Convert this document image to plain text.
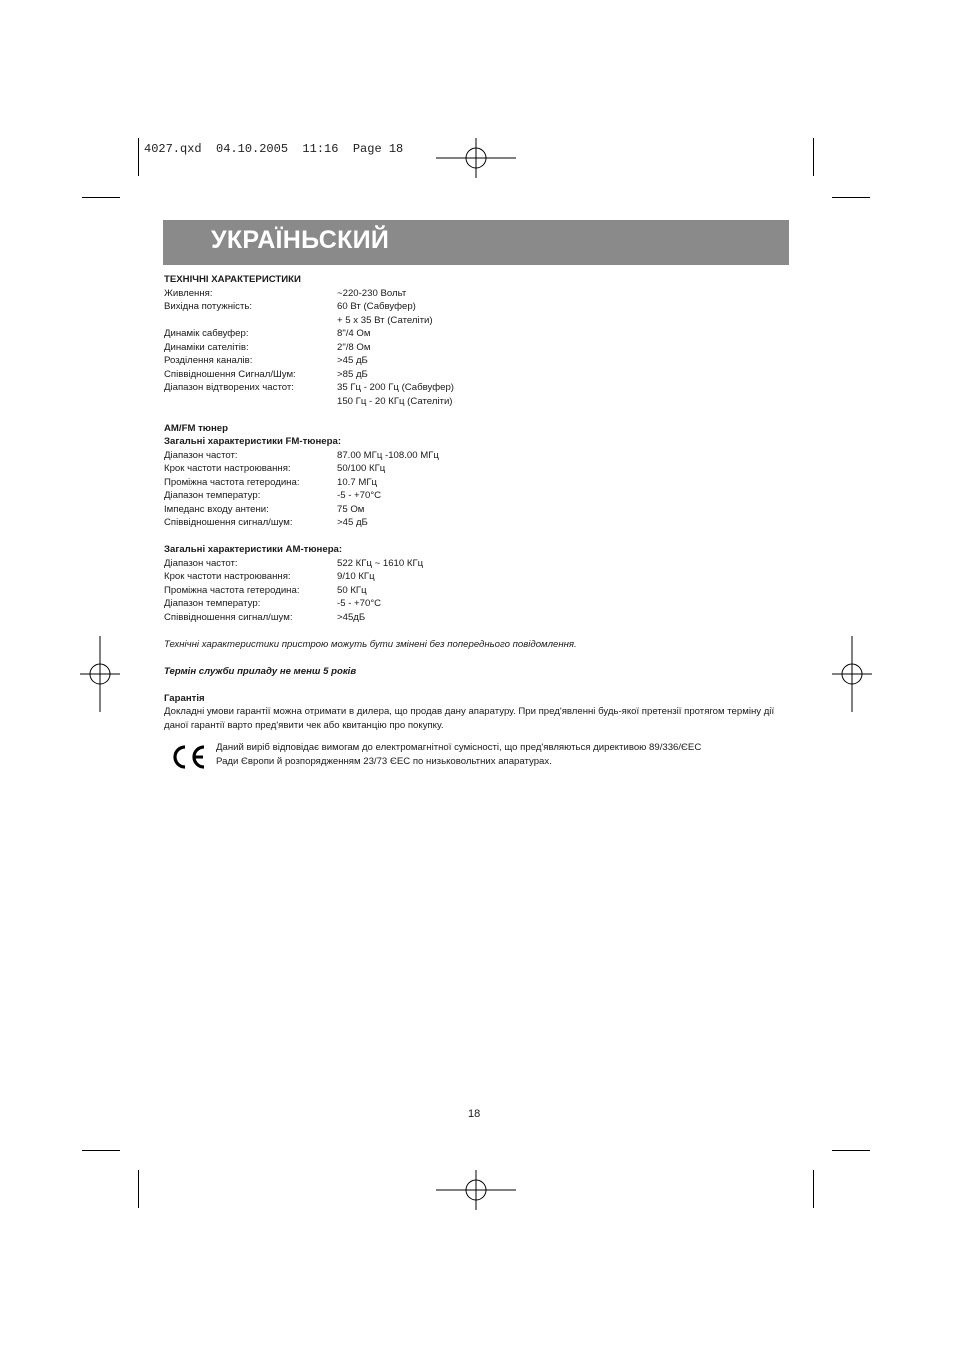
4027.qxd  04.10.2005  11:16  Page 18
УКРАЇНЬСКИЙ
ТЕХНІЧНІ ХАРАКТЕРИСТИКИ
Живлення:	~220-230 Вольт
Вихідна потужність:	60 Вт (Сабвуфер)
+ 5 х 35 Вт (Сателіти)
Динамік сабвуфер:	8"/4 Ом
Динаміки сателітів:	2"/8 Ом
Розділення каналів:	>45 дБ
Співвідношення Сигнал/Шум:	>85 дБ
Діапазон відтворених частот:	35 Гц - 200 Гц (Сабвуфер)
150 Гц - 20 КГц (Сателіти)
AM/FM тюнер
Загальні характеристики FM-тюнера:
Діапазон частот:	87.00 МГц -108.00 МГц
Крок частоти настроювання:	50/100 КГц
Проміжна частота гетеродина:	10.7 МГц
Діапазон температур:	-5 - +70°C
Імпеданс входу антени:	75 Ом
Співвідношення сигнал/шум:	>45 дБ
Загальні характеристики АМ-тюнера:
Діапазон частот:	522 КГц ~ 1610 КГц
Крок частоти настроювання:	9/10 КГц
Проміжна частота гетеродина:	50 КГц
Діапазон температур:	-5 - +70°C
Співвідношення сигнал/шум:	>45дБ
Технічні характеристики пристрою можуть бути змінені без попереднього повідомлення.
Термін служби приладу не менш 5 років
Гарантія
Докладні умови гарантії можна отримати в дилера, що продав дану апаратуру. При пред'явленні будь-якої претензії протягом терміну дії даної гарантії варто пред'явити чек або квитанцію про покупку.
Даний виріб відповідає вимогам до електромагнітної сумісності, що пред'являються директивою 89/336/ЄЕС
Ради Європи й розпорядженням 23/73 ЄЕС по низьковольтних апаратурах.
18
